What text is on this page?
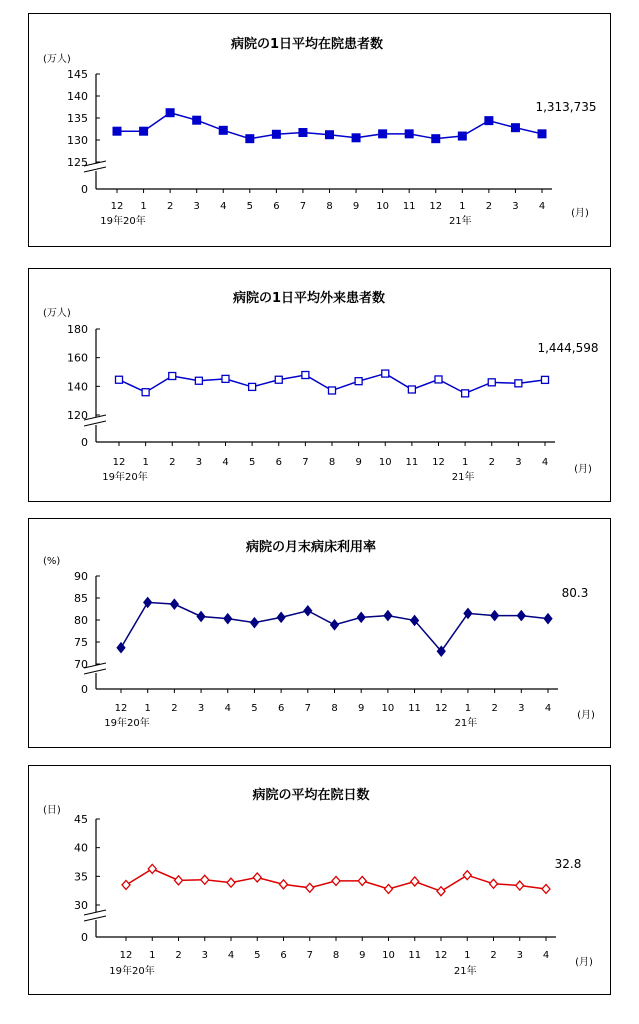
病院の1日平均在院患者数
(万人)
0
125
130
135
140
145
12 1 2 3 4 5 6 7 8 9 10 11 12 1 2 3 4
19年20年	21年
(月)
1,313,735
病院の1日平均外来患者数
(万人)
0
120
140
160
180
12 1 2 3 4 5 6 7 8 9 10 11 12 1 2 3 4
19年20年	21年
(月)
1,444,598
病院の月末病床利用率
(%)
0
70
75
80
85
90
12 1 2 3 4 5 6 7 8 9 10 11 12 1 2 3 4
19年20年	21年
(月)
80.3
病院の平均在院日数
(日)
0
30
35
40
45
12 1 2 3 4 5 6 7 8 9 10 11 12 1 2 3 4
19年20年	21年
(月)
32.8
